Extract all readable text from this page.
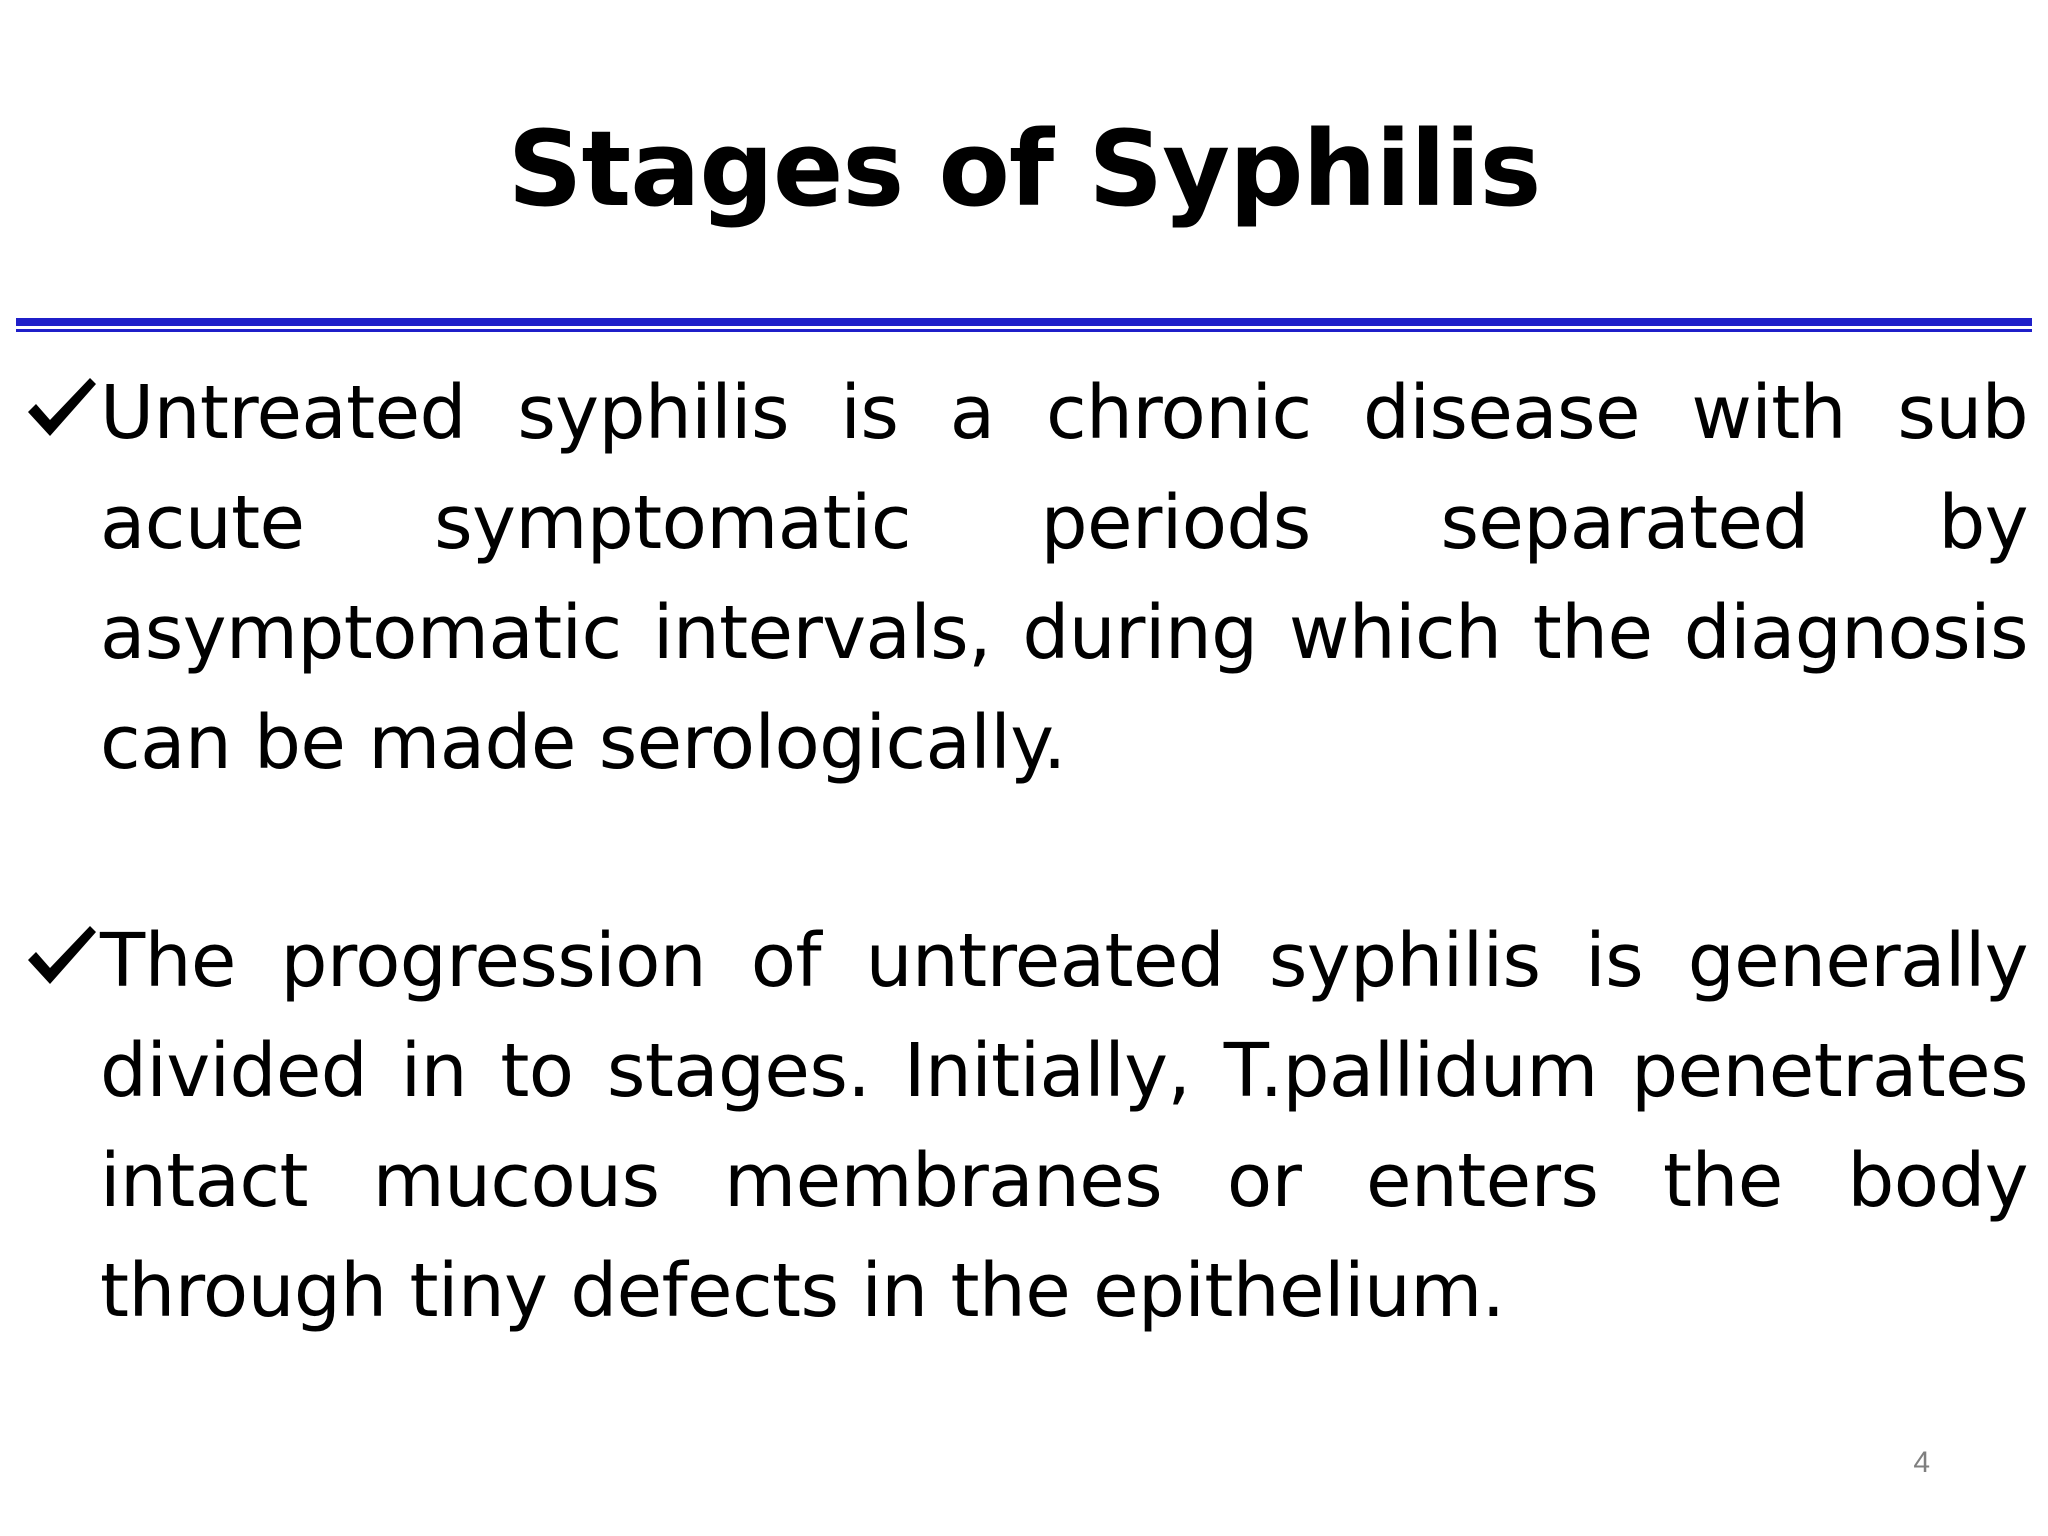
Stages of Syphilis
Untreated syphilis is a chronic disease with sub acute symptomatic periods separated by asymptomatic intervals, during which the diagnosis can be made serologically.
The progression of untreated syphilis is generally divided in to stages. Initially, T.pallidum penetrates intact mucous membranes or enters the body through tiny defects in the epithelium.
4
